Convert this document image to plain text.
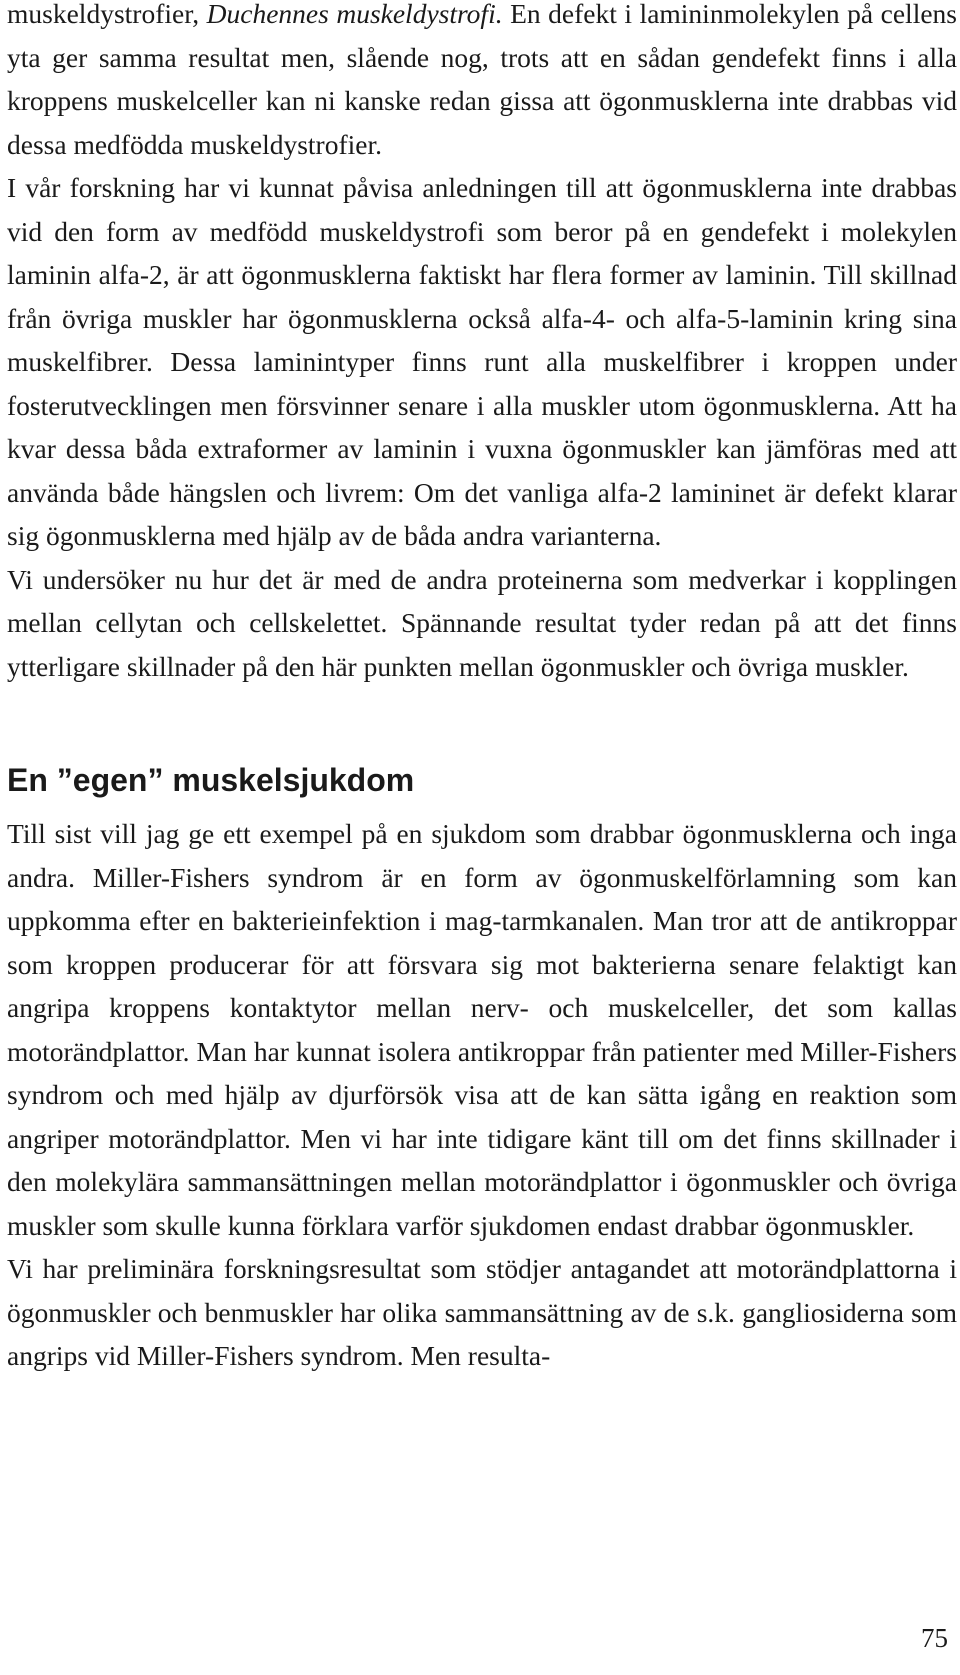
muskeldystrofier, Duchennes muskeldystrofi. En defekt i lamininmolekylen på cellens yta ger samma resultat men, slående nog, trots att en sådan gendefekt finns i alla kroppens muskelceller kan ni kanske redan gissa att ögonmusklerna inte drabbas vid dessa medfödda muskeldystrofier.

I vår forskning har vi kunnat påvisa anledningen till att ögonmusklerna inte drabbas vid den form av medfödd muskeldystrofi som beror på en gendefekt i molekylen laminin alfa-2, är att ögonmusklerna faktiskt har flera former av laminin. Till skillnad från övriga muskler har ögonmusklerna också alfa-4- och alfa-5-laminin kring sina muskelfibrer. Dessa laminintyper finns runt alla muskelfibrer i kroppen under fosterutvecklingen men försvinner senare i alla muskler utom ögonmusklerna. Att ha kvar dessa båda extraformer av laminin i vuxna ögonmuskler kan jämföras med att använda både hängslen och livrem: Om det vanliga alfa-2 lamininet är defekt klarar sig ögonmusklerna med hjälp av de båda andra varianterna.

Vi undersöker nu hur det är med de andra proteinerna som medverkar i kopplingen mellan cellytan och cellskelettet. Spännande resultat tyder redan på att det finns ytterligare skillnader på den här punkten mellan ögonmuskler och övriga muskler.

En ”egen” muskelsjukdom

Till sist vill jag ge ett exempel på en sjukdom som drabbar ögonmusklerna och inga andra. Miller-Fishers syndrom är en form av ögonmuskelförlamning som kan uppkomma efter en bakterieinfektion i mag-tarmkanalen. Man tror att de antikroppar som kroppen producerar för att försvara sig mot bakterierna senare felaktigt kan angripa kroppens kontaktytor mellan nerv- och muskelceller, det som kallas motorändplattor. Man har kunnat isolera antikroppar från patienter med Miller-Fishers syndrom och med hjälp av djurförsök visa att de kan sätta igång en reaktion som angriper motorändplattor. Men vi har inte tidigare känt till om det finns skillnader i den molekylära sammansättningen mellan motorändplattor i ögonmuskler och övriga muskler som skulle kunna förklara varför sjukdomen endast drabbar ögonmuskler.

Vi har preliminära forskningsresultat som stödjer antagandet att motorändplattorna i ögonmuskler och benmuskler har olika sammansättning av de s.k. gangliosiderna som angrips vid Miller-Fishers syndrom. Men resulta-

75
